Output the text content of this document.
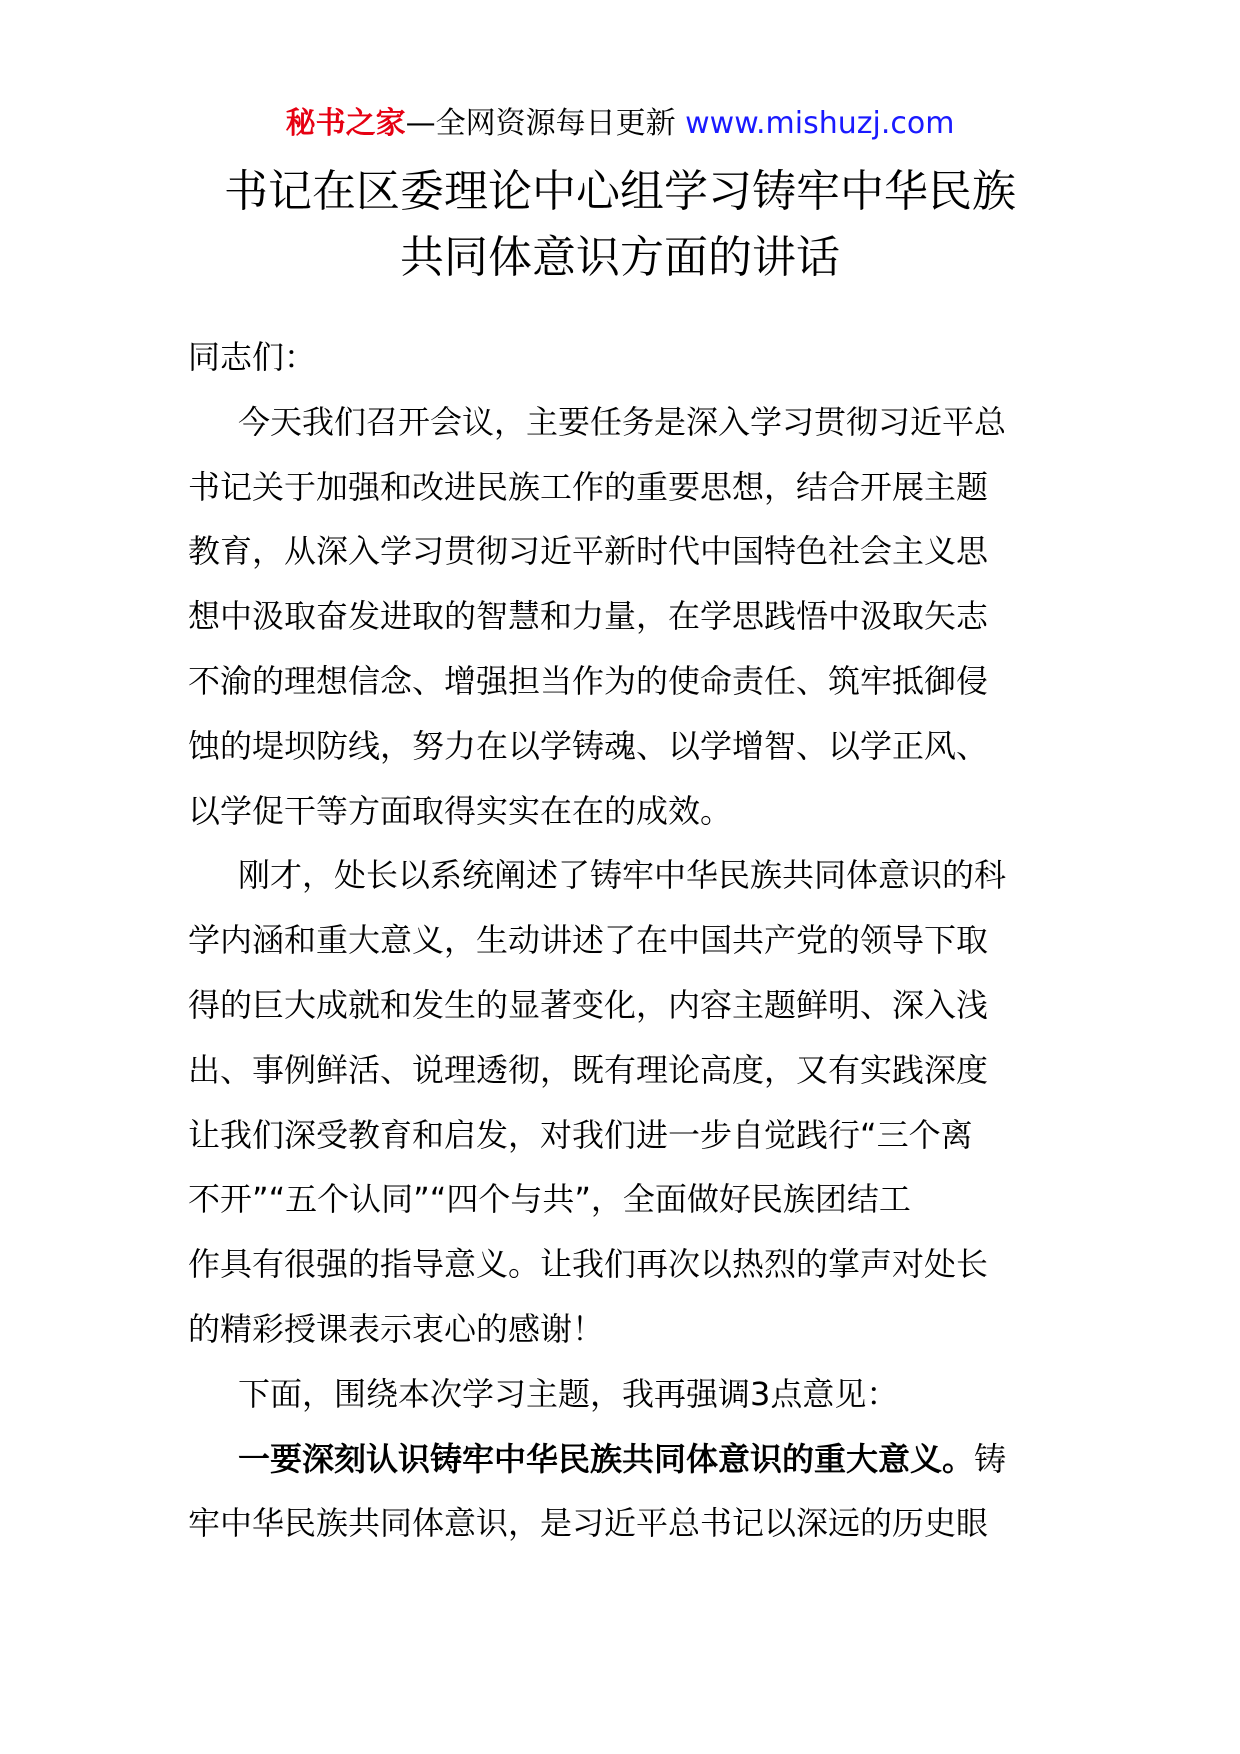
秘书之家—全网资源每日更新 www.mishuzj.com
书记在区委理论中心组学习铸牢中华民族
共同体意识方面的讲话
同志们：
今天我们召开会议，主要任务是深入学习贯彻习近平总
书记关于加强和改进民族工作的重要思想，结合开展主题
教育，从深入学习贯彻习近平新时代中国特色社会主义思
想中汲取奋发进取的智慧和力量，在学思践悟中汲取矢志
不渝的理想信念、增强担当作为的使命责任、筑牢抵御侵
蚀的堤坝防线，努力在以学铸魂、以学增智、以学正风、
以学促干等方面取得实实在在的成效。
刚才，处长以系统阐述了铸牢中华民族共同体意识的科
学内涵和重大意义，生动讲述了在中国共产党的领导下取
得的巨大成就和发生的显著变化，内容主题鲜明、深入浅
出、事例鲜活、说理透彻，既有理论高度，又有实践深度
让我们深受教育和启发，对我们进一步自觉践行“三个离
不开”“五个认同”“四个与共”，全面做好民族团结工
作具有很强的指导意义。让我们再次以热烈的掌声对处长
的精彩授课表示衷心的感谢！
下面，围绕本次学习主题，我再强调3点意见：
一要深刻认识铸牢中华民族共同体意识的重大意义。铸
牢中华民族共同体意识，是习近平总书记以深远的历史眼
